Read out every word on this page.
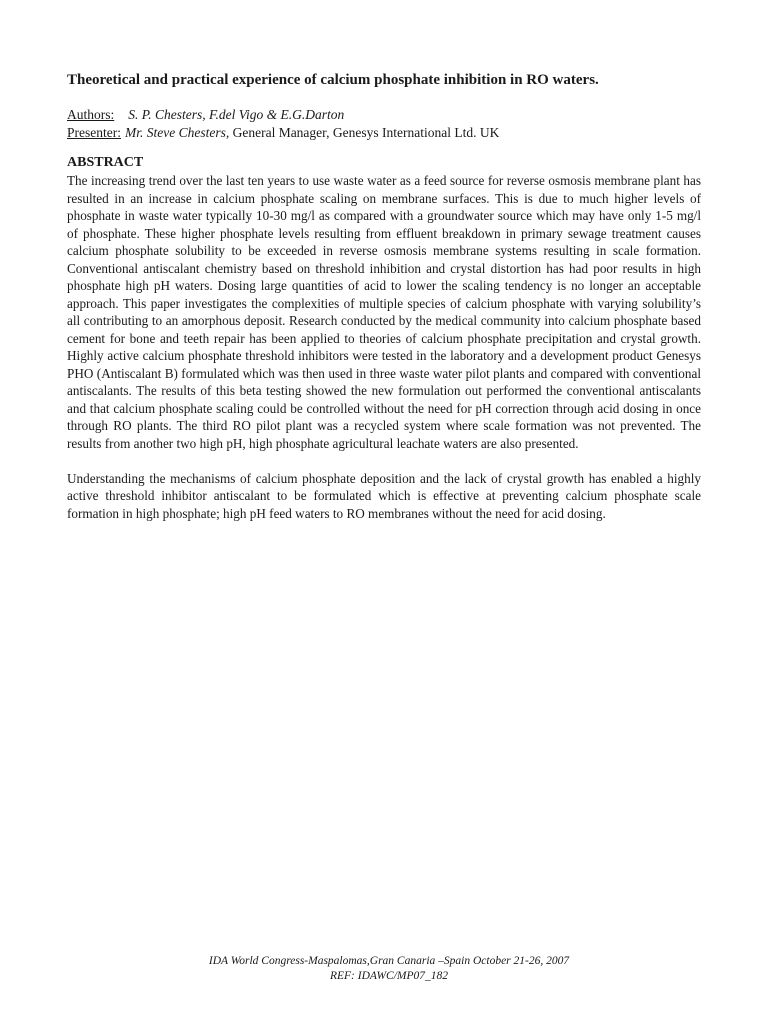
Theoretical and practical experience of calcium phosphate inhibition in RO waters.
Authors: S. P. Chesters, F.del Vigo & E.G.Darton
Presenter: Mr. Steve Chesters, General Manager, Genesys International Ltd. UK
ABSTRACT

The increasing trend over the last ten years to use waste water as a feed source for reverse osmosis membrane plant has resulted in an increase in calcium phosphate scaling on membrane surfaces. This is due to much higher levels of phosphate in waste water typically 10-30 mg/l as compared with a groundwater source which may have only 1-5 mg/l of phosphate. These higher phosphate levels resulting from effluent breakdown in primary sewage treatment causes calcium phosphate solubility to be exceeded in reverse osmosis membrane systems resulting in scale formation. Conventional antiscalant chemistry based on threshold inhibition and crystal distortion has had poor results in high phosphate high pH waters. Dosing large quantities of acid to lower the scaling tendency is no longer an acceptable approach. This paper investigates the complexities of multiple species of calcium phosphate with varying solubility’s all contributing to an amorphous deposit. Research conducted by the medical community into calcium phosphate based cement for bone and teeth repair has been applied to theories of calcium phosphate precipitation and crystal growth. Highly active calcium phosphate threshold inhibitors were tested in the laboratory and a development product Genesys PHO (Antiscalant B) formulated which was then used in three waste water pilot plants and compared with conventional antiscalants. The results of this beta testing showed the new formulation out performed the conventional antiscalants and that calcium phosphate scaling could be controlled without the need for pH correction through acid dosing in once through RO plants. The third RO pilot plant was a recycled system where scale formation was not prevented. The results from another two high pH, high phosphate agricultural leachate waters are also presented.

Understanding the mechanisms of calcium phosphate deposition and the lack of crystal growth has enabled a highly active threshold inhibitor antiscalant to be formulated which is effective at preventing calcium phosphate scale formation in high phosphate; high pH feed waters to RO membranes without the need for acid dosing.

IDA World Congress-Maspalomas,Gran Canaria –Spain October 21-26, 2007
REF: IDAWC/MP07_182
